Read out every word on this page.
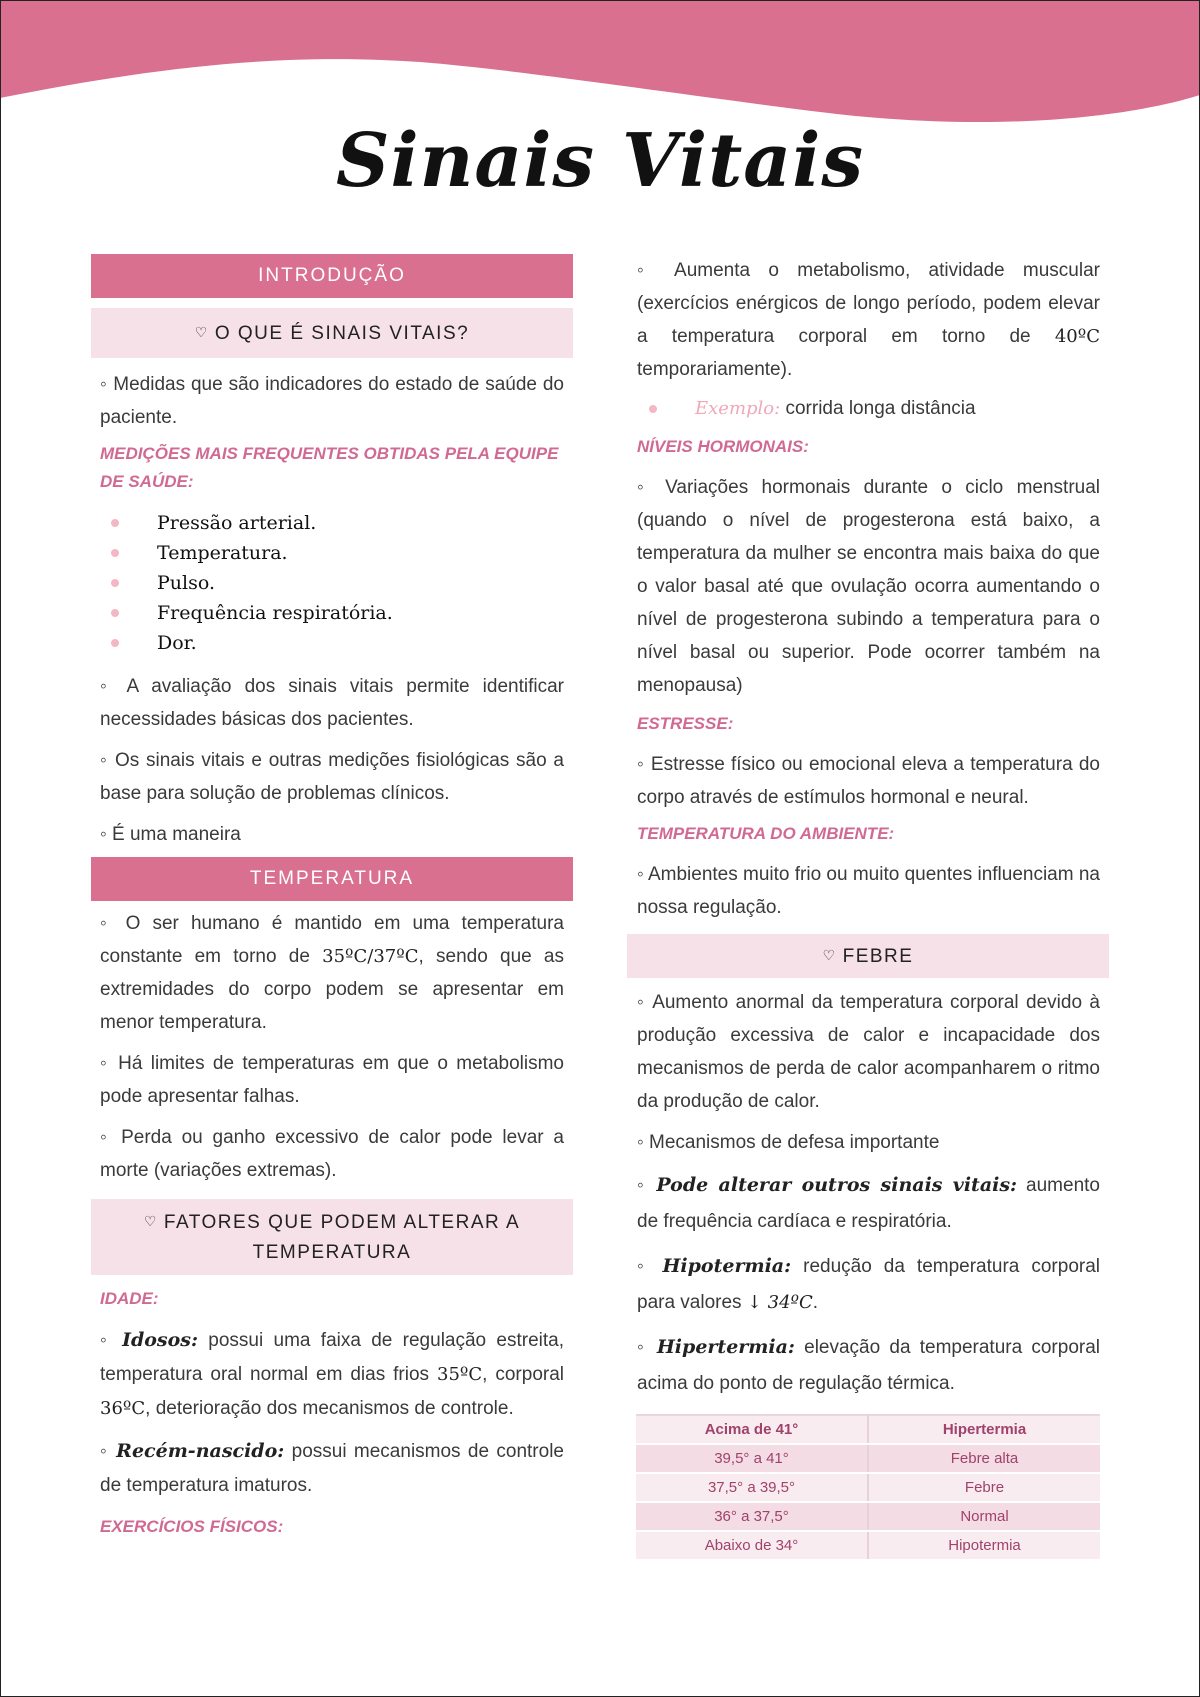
Sinais Vitais
INTRODUÇÃO
♡ O QUE É SINAIS VITAIS?

◦ Medidas que são indicadores do estado de saúde do paciente.

MEDIÇÕES MAIS FREQUENTES OBTIDAS PELA EQUIPE DE SAÚDE:
Pressão arterial.
Temperatura.
Pulso.
Frequência respiratória.
Dor.

◦ A avaliação dos sinais vitais permite identificar necessidades básicas dos pacientes.

◦ Os sinais vitais e outras medições fisiológicas são a base para solução de problemas clínicos.

◦ É uma maneira

TEMPERATURA

◦ O ser humano é mantido em uma temperatura constante em torno de 35ºC/37ºC, sendo que as extremidades do corpo podem se apresentar em menor temperatura.

◦ Há limites de temperaturas em que o metabolismo pode apresentar falhas.

◦ Perda ou ganho excessivo de calor pode levar a morte (variações extremas).

♡ FATORES QUE PODEM ALTERAR A TEMPERATURA
IDADE:

◦ Idosos: possui uma faixa de regulação estreita, temperatura oral normal em dias frios 35ºC, corporal 36ºC, deterioração dos mecanismos de controle.

◦ Recém-nascido: possui mecanismos de controle de temperatura imaturos.

EXERCÍCIOS FÍSICOS:

◦ Aumenta o metabolismo, atividade muscular (exercícios enérgicos de longo período, podem elevar a temperatura corporal em torno de 40ºC temporariamente).

Exemplo: corrida longa distância
NÍVEIS HORMONAIS:

◦ Variações hormonais durante o ciclo menstrual (quando o nível de progesterona está baixo, a temperatura da mulher se encontra mais baixa do que o valor basal até que ovulação ocorra aumentando o nível de progesterona subindo a temperatura para o nível basal ou superior. Pode ocorrer também na menopausa)

ESTRESSE:

◦ Estresse físico ou emocional eleva a temperatura do corpo através de estímulos hormonal e neural.

TEMPERATURA DO AMBIENTE:

◦ Ambientes muito frio ou muito quentes influenciam na nossa regulação.

♡ FEBRE

◦ Aumento anormal da temperatura corporal devido à produção excessiva de calor e incapacidade dos mecanismos de perda de calor acompanharem o ritmo da produção de calor.

◦ Mecanismos de defesa importante

◦ Pode alterar outros sinais vitais: aumento de frequência cardíaca e respiratória.

◦ Hipotermia: redução da temperatura corporal para valores ↓ 34ºC.

◦ Hipertermia: elevação da temperatura corporal acima do ponto de regulação térmica.

Acima de 41°	Hipertermia
39,5° a 41°	Febre alta
37,5° a 39,5°	Febre
36° a 37,5°	Normal
Abaixo de 34°	Hipotermia
